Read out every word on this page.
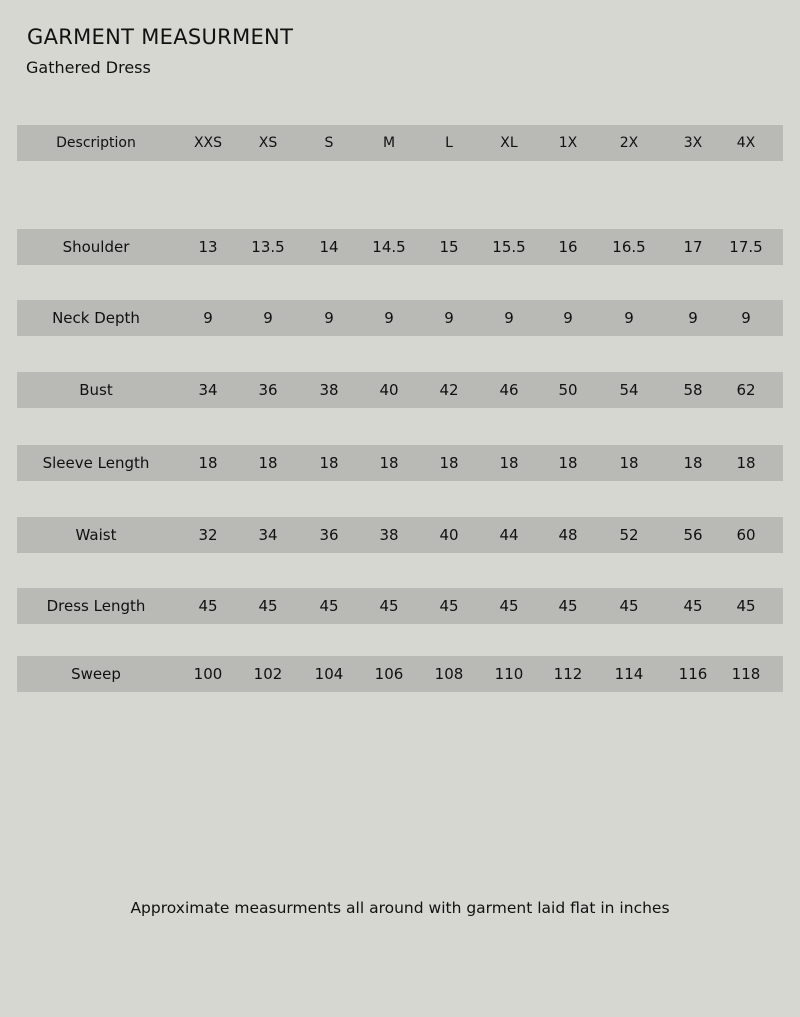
GARMENT MEASURMENT
Gathered Dress
Description	XXS	XS	S	M	L	XL	1X	2X	3X	4X
Shoulder	13	13.5	14	14.5	15	15.5	16	16.5	17	17.5
Neck Depth	9	9	9	9	9	9	9	9	9	9
Bust	34	36	38	40	42	46	50	54	58	62
Sleeve Length	18	18	18	18	18	18	18	18	18	18
Waist	32	34	36	38	40	44	48	52	56	60
Dress Length	45	45	45	45	45	45	45	45	45	45
Sweep	100	102	104	106	108	110	112	114	116	118
Approximate measurments all around with garment laid flat in inches
